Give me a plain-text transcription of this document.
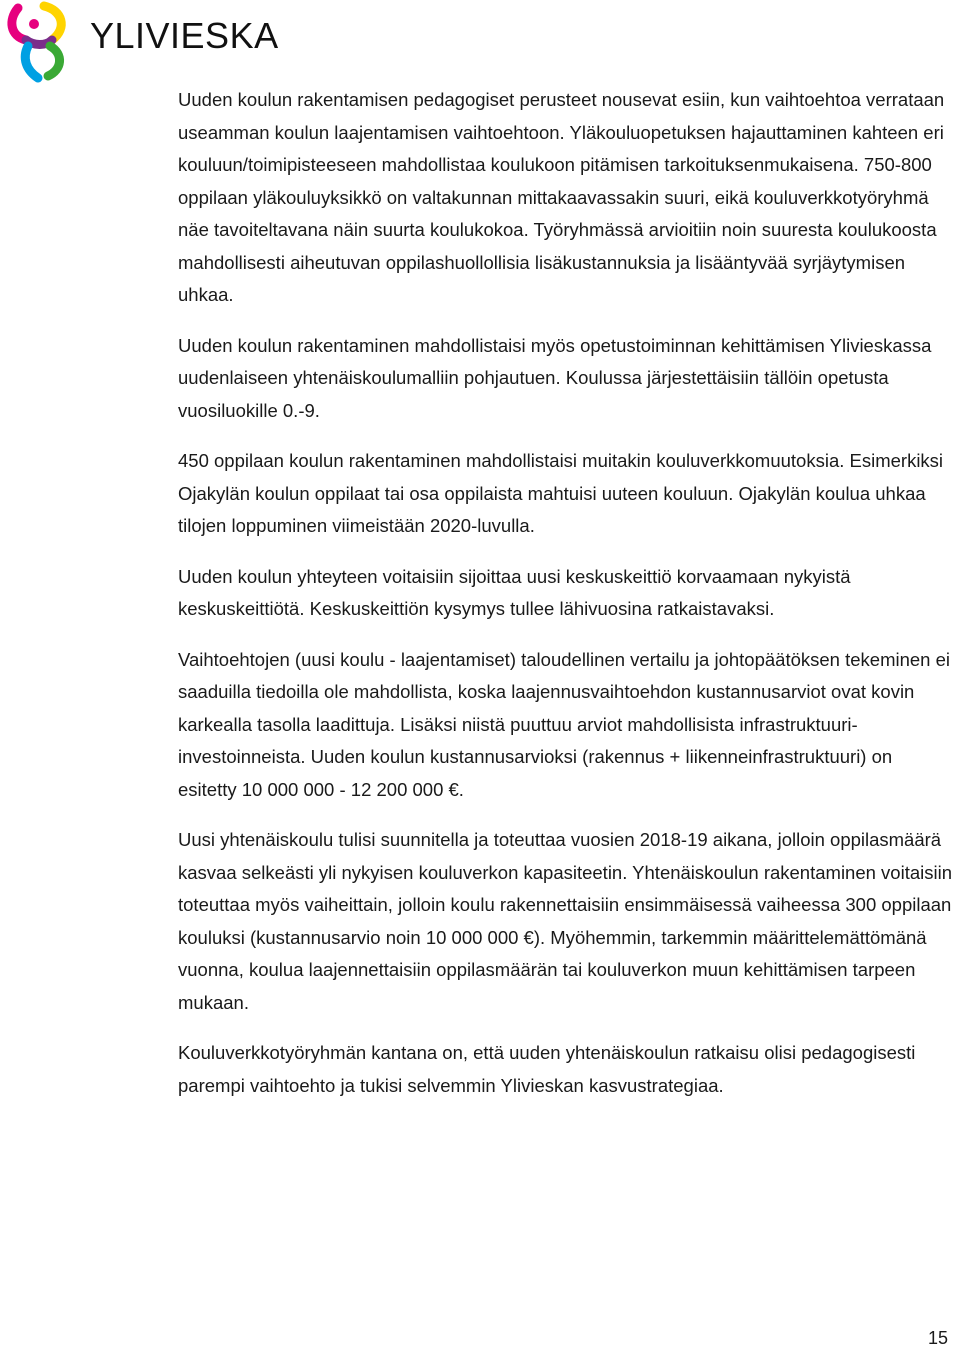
YLIVIESKA

Uuden koulun rakentamisen pedagogiset perusteet nousevat esiin, kun vaihtoehtoa verrataan useamman koulun laajentamisen vaihtoehtoon. Yläkouluopetuksen hajauttaminen kahteen eri kouluun/toimipisteeseen mahdollistaa koulukoon pitämisen tarkoituksenmukaisena. 750-800 oppilaan yläkouluyksikkö on valtakunnan mittakaavassakin suuri, eikä kouluverkkotyöryhmä näe tavoiteltavana näin suurta koulukokoa. Työryhmässä arvioitiin noin suuresta koulukoosta mahdollisesti aiheutuvan oppilashuollollisia lisäkustannuksia ja lisääntyvää syrjäytymisen uhkaa.

Uuden koulun rakentaminen mahdollistaisi myös opetustoiminnan kehittämisen Ylivieskassa uudenlaiseen yhtenäiskoulumalliin pohjautuen. Koulussa järjestettäisiin tällöin opetusta vuosiluokille 0.-9.

450 oppilaan koulun rakentaminen mahdollistaisi muitakin kouluverkkomuutoksia. Esimerkiksi Ojakylän koulun oppilaat tai osa oppilaista mahtuisi uuteen kouluun. Ojakylän koulua uhkaa tilojen loppuminen viimeistään 2020-luvulla.

Uuden koulun yhteyteen voitaisiin sijoittaa uusi keskuskeittiö korvaamaan nykyistä keskuskeittiötä. Keskuskeittiön kysymys tullee lähivuosina ratkaistavaksi.

Vaihtoehtojen (uusi koulu - laajentamiset) taloudellinen vertailu ja johtopäätöksen tekeminen ei saaduilla tiedoilla ole mahdollista, koska laajennusvaihtoehdon kustannusarviot ovat kovin karkealla tasolla laadittuja. Lisäksi niistä puuttuu arviot mahdollisista infrastruktuuri-investoinneista. Uuden koulun kustannusarvioksi (rakennus + liikenneinfrastruktuuri) on esitetty 10 000 000 - 12 200 000 €.

Uusi yhtenäiskoulu tulisi suunnitella ja toteuttaa vuosien 2018-19 aikana, jolloin oppilasmäärä kasvaa selkeästi yli nykyisen kouluverkon kapasiteetin. Yhtenäiskoulun rakentaminen voitaisiin toteuttaa myös vaiheittain, jolloin koulu rakennettaisiin ensimmäisessä vaiheessa 300 oppilaan kouluksi (kustannusarvio noin 10 000 000 €). Myöhemmin, tarkemmin määrittelemättömänä vuonna, koulua laajennettaisiin oppilasmäärän tai kouluverkon muun kehittämisen tarpeen mukaan.

Kouluverkkotyöryhmän kantana on, että uuden yhtenäiskoulun ratkaisu olisi pedagogisesti parempi vaihtoehto ja tukisi selvemmin Ylivieskan kasvustrategiaa.

15
